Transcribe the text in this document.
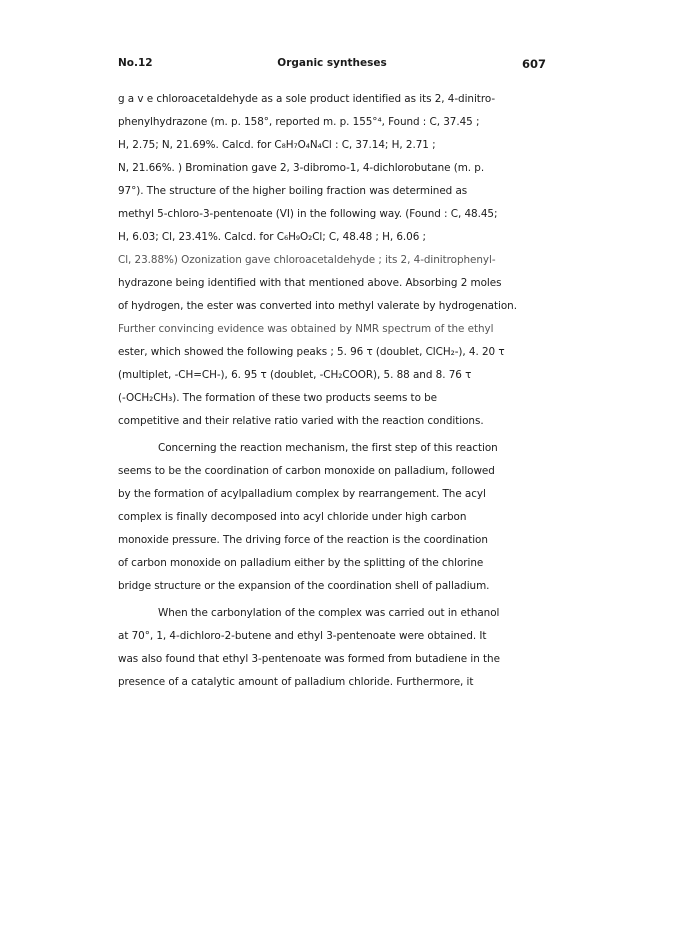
No.12	Organic syntheses	607
g a v e chloroacetaldehyde as a sole product identified as its 2, 4-dinitro-
phenylhydrazone (m. p. 158°, reported m. p. 155°⁴, Found : C, 37.45 ;
H, 2.75; N, 21.69%. Calcd. for C₈H₇O₄N₄Cl : C, 37.14; H, 2.71 ;
N, 21.66%. ) Bromination gave 2, 3-dibromo-1, 4-dichlorobutane (m. p.
97°). The structure of the higher boiling fraction was determined as
methyl 5-chloro-3-pentenoate (VI) in the following way. (Found : C, 48.45;
H, 6.03; Cl, 23.41%. Calcd. for C₆H₉O₂Cl; C, 48.48 ; H, 6.06 ;
Cl, 23.88%) Ozonization gave chloroacetaldehyde ; its 2, 4-dinitrophenyl-
hydrazone being identified with that mentioned above. Absorbing 2 moles
of hydrogen, the ester was converted into methyl valerate by hydrogenation.
Further convincing evidence was obtained by NMR spectrum of the ethyl
ester, which showed the following peaks ; 5. 96 τ (doublet, ClCH₂-), 4. 20 τ
(multiplet, -CH=CH-), 6. 95 τ (doublet, -CH₂COOR), 5. 88 and 8. 76 τ
(-OCH₂CH₃). The formation of these two products seems to be
competitive and their relative ratio varied with the reaction conditions.
Concerning the reaction mechanism, the first step of this reaction
seems to be the coordination of carbon monoxide on palladium, followed
by the formation of acylpalladium complex by rearrangement. The acyl
complex is finally decomposed into acyl chloride under high carbon
monoxide pressure. The driving force of the reaction is the coordination
of carbon monoxide on palladium either by the splitting of the chlorine
bridge structure or the expansion of the coordination shell of palladium.
When the carbonylation of the complex was carried out in ethanol
at 70°, 1, 4-dichloro-2-butene and ethyl 3-pentenoate were obtained. It
was also found that ethyl 3-pentenoate was formed from butadiene in the
presence of a catalytic amount of palladium chloride. Furthermore, it
